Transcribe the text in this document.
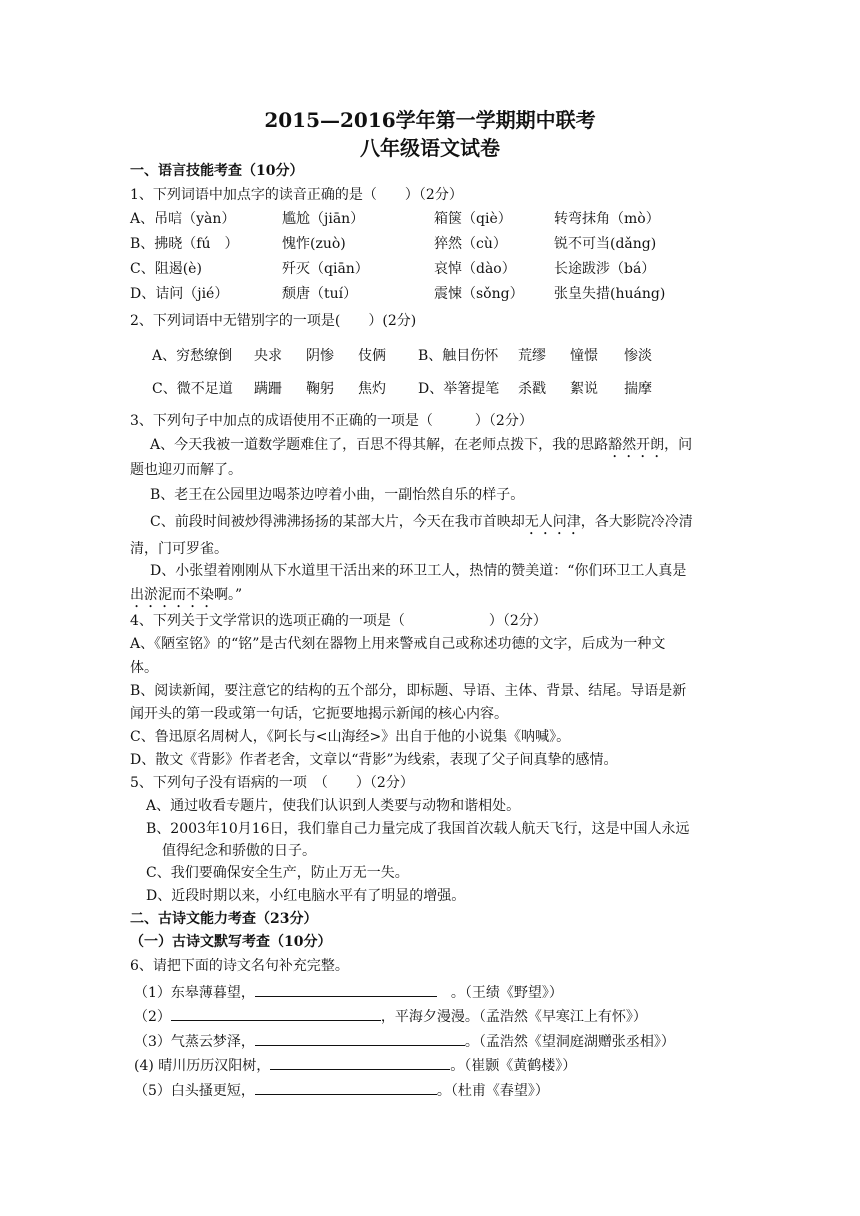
2015—2016学年第一学期期中联考
八年级语文试卷
一、语言技能考查（10分）
1、下列词语中加点字的读音正确的是（　　）（2分）
A、吊唁（yàn）	尴尬（jiān）	箱箧（qiè）	转弯抹角（mò）
B、拂晓（fú　）	愧怍(zuò)	猝然（cù）	锐不可当(dǎng)
C、阻遏(è)	歼灭（qiān）	哀悼（dào）	长途跋涉（bá）
D、诘问（jié）	颓唐（tuí）	震悚（sǒng） 张皇失措(huáng)
2、下列词语中无错别字的一项是(　　）(2分)
A、穷愁缭倒 央求 阴惨 伎俩 B、触目伤怀 荒缪 憧憬 惨淡
C、微不足道 蹒跚 鞠躬 焦灼 D、举箸提笔 杀戳 絮说 揣摩
3、下列句子中加点的成语使用不正确的一项是（　　　）（2分）
A、今天我被一道数学题难住了，百思不得其解，在老师点拨下，我的思路豁然开朗，问
题也迎刃而解了。
B、老王在公园里边喝茶边哼着小曲，一副怡然自乐的样子。
C、前段时间被炒得沸沸扬扬的某部大片，今天在我市首映却无人问津，各大影院冷冷清
清，门可罗雀。
D、小张望着刚刚从下水道里干活出来的环卫工人，热情的赞美道：“你们环卫工人真是
出淤泥而不染啊。”
4、下列关于文学常识的选项正确的一项是（　　　　　　）（2分）
A、《陋室铭》的“铭”是古代刻在器物上用来警戒自己或称述功德的文字，后成为一种文
体。
B、阅读新闻，要注意它的结构的五个部分，即标题、导语、主体、背景、结尾。导语是新
闻开头的第一段或第一句话，它扼要地揭示新闻的核心内容。
C、鲁迅原名周树人，《阿长与<山海经>》出自于他的小说集《呐喊》。
D、散文《背影》作者老舍，文章以“背影”为线索，表现了父子间真挚的感情。
5、下列句子没有语病的一项　（　　）（2分）
A、通过收看专题片，使我们认识到人类要与动物和谐相处。
B、2003年10月16日，我们靠自己力量完成了我国首次载人航天飞行，这是中国人永远
值得纪念和骄傲的日子。
C、我们要确保安全生产，防止万无一失。
D、近段时期以来，小红电脑水平有了明显的增强。
二、古诗文能力考查（23分）
（一）古诗文默写考查（10分）
6、请把下面的诗文名句补充完整。
（1）东皋薄暮望，	。（王绩《野望》）
（2）	，平海夕漫漫。（孟浩然《早寒江上有怀》）
（3）气蒸云梦泽，	。（孟浩然《望洞庭湖赠张丞相》）
(4) 晴川历历汉阳树，	。（崔颢《黄鹤楼》）
（5）白头搔更短，	。（杜甫《春望》）
